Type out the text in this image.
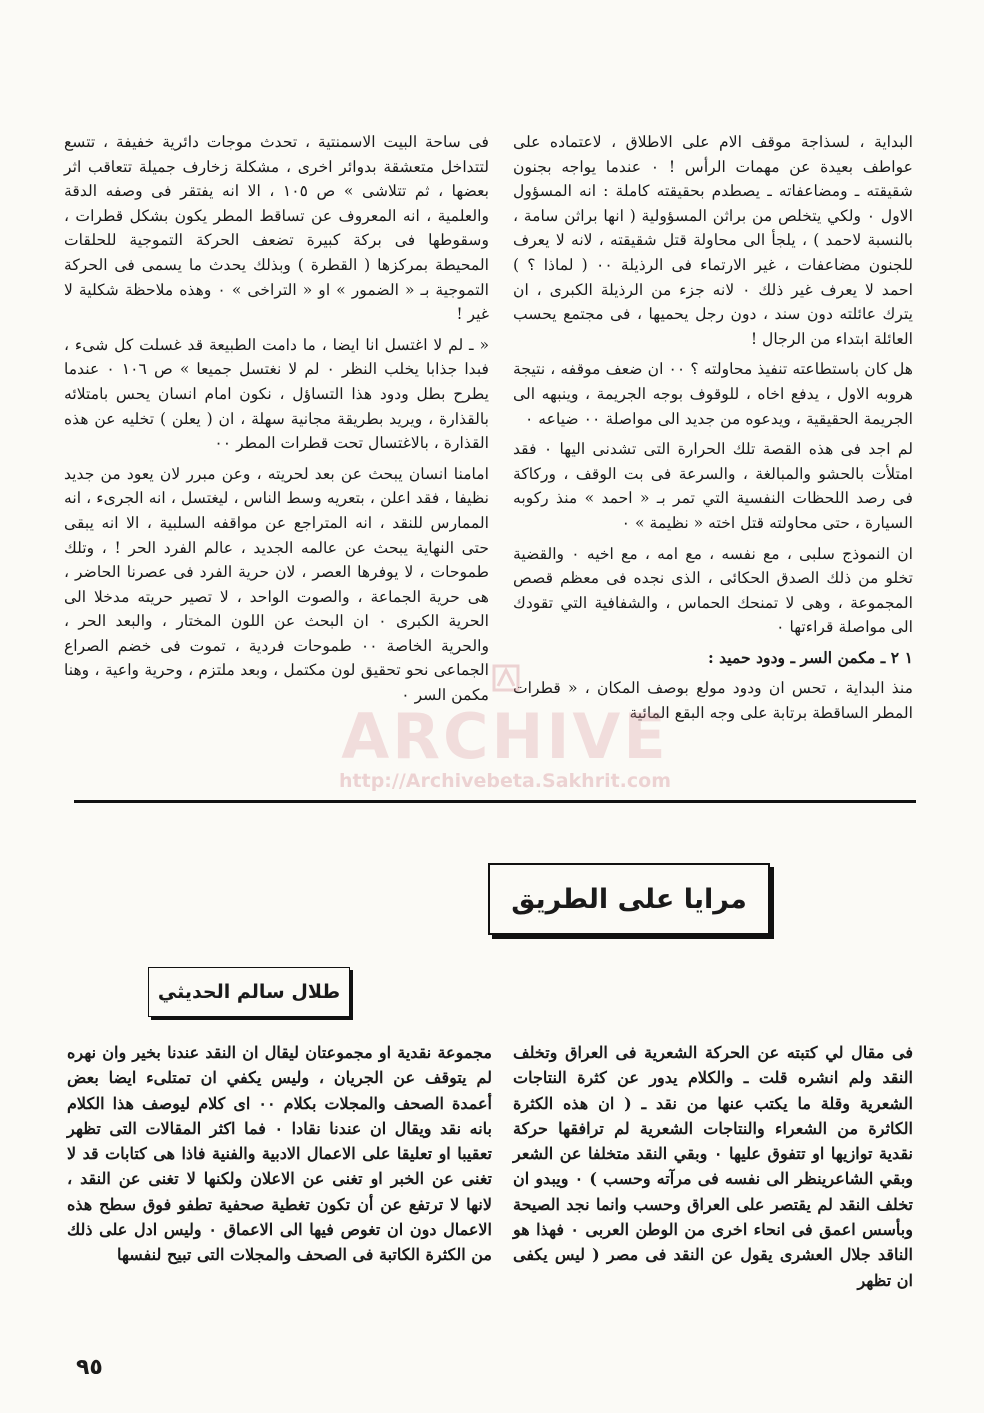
البداية ، لسذاجة موقف الام على الاطلاق ، لاعتماده على عواطف بعيدة عن مهمات الرأس ! ٠ عندما يواجه بجنون شقيقته ـ ومضاعفاته ـ يصطدم بحقيقته كاملة : انه المسؤول الاول ٠ ولكي يتخلص من براثن المسؤولية ( انها براثن سامة ، بالنسبة لاحمد ) ، يلجأ الى محاولة قتل شقيقته ، لانه لا يعرف للجنون مضاعفات ، غير الارتماء فى الرذيلة ٠٠ ( لماذا ؟ ) احمد لا يعرف غير ذلك ٠ لانه جزء من الرذيلة الكبرى ، ان يترك عائلته دون سند ، دون رجل يحميها ، فى مجتمع يحسب العائلة ابتداء من الرجال !

هل كان باستطاعته تنفيذ محاولته ؟ ٠٠ ان ضعف موقفه ، نتيجة هروبه الاول ، يدفع اخاه ، للوقوف بوجه الجريمة ، وينبهه الى الجريمة الحقيقية ، ويدعوه من جديد الى مواصلة ٠٠ ضياعه ٠

لم اجد فى هذه القصة تلك الحرارة التى تشدنى اليها ٠ فقد امتلأت بالحشو والمبالغة ، والسرعة فى بت الوقف ، وركاكة فى رصد اللحظات النفسية التي تمر بـ « احمد » منذ ركوبه السيارة ، حتى محاولته قتل اخته « نظيمة » ٠

ان النموذج سلبى ، مع نفسه ، مع امه ، مع اخيه ٠ والقضية تخلو من ذلك الصدق الحكائى ، الذى نجده فى معظم قصص المجموعة ، وهى لا تمنحك الحماس ، والشفافية التي تقودك الى مواصلة قراءتها ٠

١ ٢ ـ مكمن السر ـ ودود حميد :

منذ البداية ، تحس ان ودود مولع بوصف المكان ، « قطرات المطر الساقطة برتابة على وجه البقع المائية

فى ساحة البيت الاسمنتية ، تحدث موجات دائرية خفيفة ، تتسع لتتداخل متعشقة بدوائر اخرى ، مشكلة زخارف جميلة تتعاقب اثر بعضها ، ثم تتلاشى » ص ١٠٥ ، الا انه يفتقر فى وصفه الدقة والعلمية ، انه المعروف عن تساقط المطر يكون بشكل قطرات ، وسقوطها فى بركة كبيرة تضعف الحركة التموجية للحلقات المحيطة بمركزها ( القطرة ) وبذلك يحدث ما يسمى فى الحركة التموجية بـ « الضمور » او « التراخى » ٠ وهذه ملاحظة شكلية لا غير !

« ـ لم لا اغتسل انا ايضا ، ما دامت الطبيعة قد غسلت كل شىء ، فبدا جذابا يخلب النظر ٠ لم لا نغتسل جميعا » ص ١٠٦ ٠ عندما يطرح بطل ودود هذا التساؤل ، نكون امام انسان يحس بامتلائه بالقذارة ، ويريد بطريقة مجانية سهلة ، ان ( يعلن ) تخليه عن هذه القذارة ، بالاغتسال تحت قطرات المطر ٠٠

امامنا انسان يبحث عن بعد لحريته ، وعن مبرر لان يعود من جديد نظيفا ، فقد اعلن ، بتعريه وسط الناس ، ليغتسل ، انه الجرىء ، انه الممارس للنقد ، انه المتراجع عن مواقفه السلبية ، الا انه يبقى حتى النهاية يبحث عن عالمه الجديد ، عالم الفرد الحر ! ، وتلك طموحات ، لا يوفرها العصر ، لان حرية الفرد فى عصرنا الحاضر ، هى حرية الجماعة ، والصوت الواحد ، لا تصير حريته مدخلا الى الحرية الكبرى ٠ ان البحث عن اللون المختار ، والبعد الحر ، والحرية الخاصة ٠٠ طموحات فردية ، تموت فى خضم الصراع الجماعى نحو تحقيق لون مكتمل ، وبعد ملتزم ، وحرية واعية ، وهنا مكمن السر ٠

ARCHIVE
http://Archivebeta.Sakhrit.com
مرايا على الطريق
طلال سالم الحديثي

فى مقال لي كتبته عن الحركة الشعرية فى العراق وتخلف النقد ولم انشره قلت ـ والكلام يدور عن كثرة النتاجات الشعرية وقلة ما يكتب عنها من نقد ـ ( ان هذه الكثرة الكاثرة من الشعراء والنتاجات الشعرية لم ترافقها حركة نقدية توازيها او تتفوق عليها ٠ وبقي النقد متخلفا عن الشعر وبقي الشاعرينظر الى نفسه فى مرآته وحسب ) ٠ ويبدو ان تخلف النقد لم يقتصر على العراق وحسب وانما نجد الصيحة وبأسس اعمق فى انحاء اخرى من الوطن العربى ٠ فهذا هو الناقد جلال العشرى يقول عن النقد فى مصر ( ليس يكفى ان تظهر

مجموعة نقدية او مجموعتان ليقال ان النقد عندنا بخير وان نهره لم يتوقف عن الجريان ، وليس يكفي ان تمتلىء ايضا بعض أعمدة الصحف والمجلات بكلام ٠٠ اى كلام ليوصف هذا الكلام بانه نقد ويقال ان عندنا نقادا ٠ فما اكثر المقالات التى تظهر تعقيبا او تعليقا على الاعمال الادبية والفنية فاذا هى كتابات قد لا تغنى عن الخبر او تغنى عن الاعلان ولكنها لا تغنى عن النقد ، لانها لا ترتفع عن أن تكون تغطية صحفية تطفو فوق سطح هذه الاعمال دون ان تغوص فيها الى الاعماق ٠ وليس ادل على ذلك من الكثرة الكاتبة فى الصحف والمجلات التى تبيح لنفسها

٩٥
